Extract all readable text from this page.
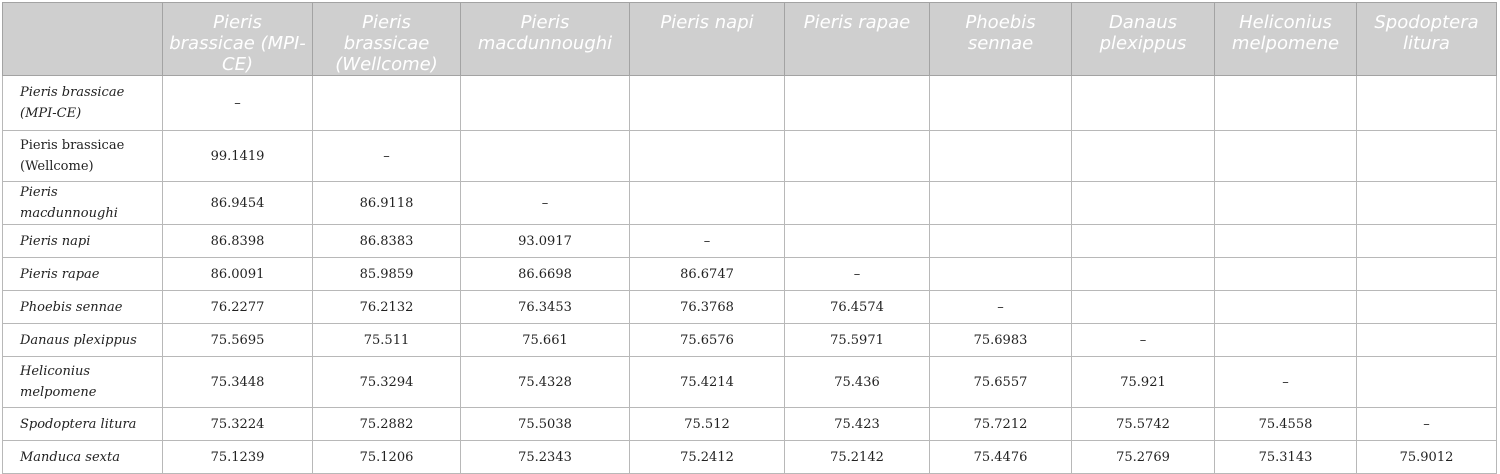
	Pieris brassicae (MPI-CE)	Pieris brassicae (Wellcome)	Pieris macdunnoughi	Pieris napi	Pieris rapae	Phoebis sennae	Danaus plexippus	Heliconius melpomene	Spodoptera litura
Pieris brassicae (MPI-CE)	–								
Pieris brassicae (Wellcome)	99.1419	–							
Pieris macdunnoughi	86.9454	86.9118	–						
Pieris napi	86.8398	86.8383	93.0917	–					
Pieris rapae	86.0091	85.9859	86.6698	86.6747	–				
Phoebis sennae	76.2277	76.2132	76.3453	76.3768	76.4574	–			
Danaus plexippus	75.5695	75.511	75.661	75.6576	75.5971	75.6983	–		
Heliconius melpomene	75.3448	75.3294	75.4328	75.4214	75.436	75.6557	75.921	–	
Spodoptera litura	75.3224	75.2882	75.5038	75.512	75.423	75.7212	75.5742	75.4558	–
Manduca sexta	75.1239	75.1206	75.2343	75.2412	75.2142	75.4476	75.2769	75.3143	75.9012
